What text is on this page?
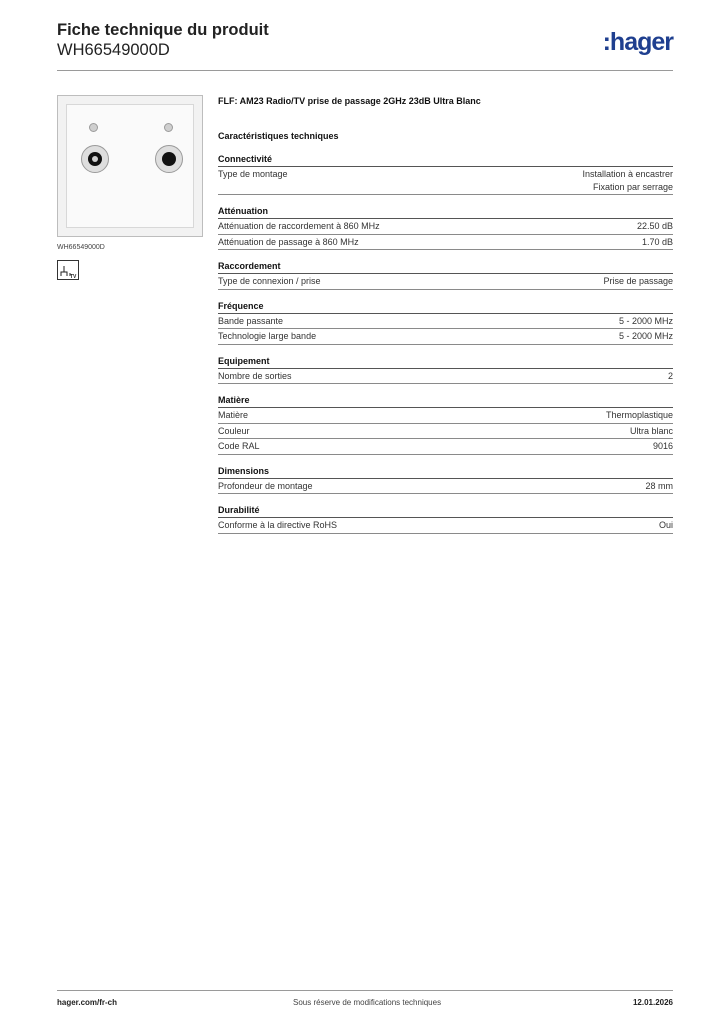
Fiche technique du produit
WH66549000D	:hager
WH66549000D
TV
FLF: AM23 Radio/TV prise de passage 2GHz 23dB Ultra Blanc
Caractéristiques techniques
Connectivité
Type de montage	Installation à encastrer
Fixation par serrage
Atténuation
Atténuation de raccordement à 860 MHz	22.50 dB
Atténuation de passage à 860 MHz	1.70 dB
Raccordement
Type de connexion / prise	Prise de passage
Fréquence
Bande passante	5 - 2000 MHz
Technologie large bande	5 - 2000 MHz
Equipement
Nombre de sorties	2
Matière
Matière	Thermoplastique
Couleur	Ultra blanc
Code RAL	9016
Dimensions
Profondeur de montage	28 mm
Durabilité
Conforme à la directive RoHS	Oui
hager.com/fr-ch	Sous réserve de modifications techniques	12.01.2026
